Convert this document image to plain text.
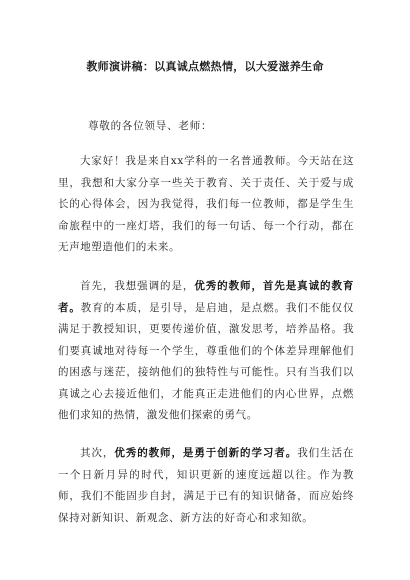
教师演讲稿：以真诚点燃热情，以大爱滋养生命
尊敬的各位领导、老师：

大家好！我是来自xx学科的一名普通教师。今天站在这里，我想和大家分享一些关于教育、关于责任、关于爱与成长的心得体会，因为我觉得，我们每一位教师，都是学生生命旅程中的一座灯塔，我们的每一句话、每一个行动，都在无声地塑造他们的未来。

首先，我想强调的是，优秀的教师，首先是真诚的教育者。教育的本质，是引导，是启迪，是点燃。我们不能仅仅满足于教授知识，更要传递价值，激发思考，培养品格。我们要真诚地对待每一个学生，尊重他们的个体差异理解他们的困惑与迷茫，接纳他们的独特性与可能性。只有当我们以真诚之心去接近他们，才能真正走进他们的内心世界，点燃他们求知的热情，激发他们探索的勇气。

其次，优秀的教师，是勇于创新的学习者。我们生活在一个日新月异的时代，知识更新的速度远超以往。作为教师，我们不能固步自封，满足于已有的知识储备，而应始终保持对新知识、新观念、新方法的好奇心和求知欲。
